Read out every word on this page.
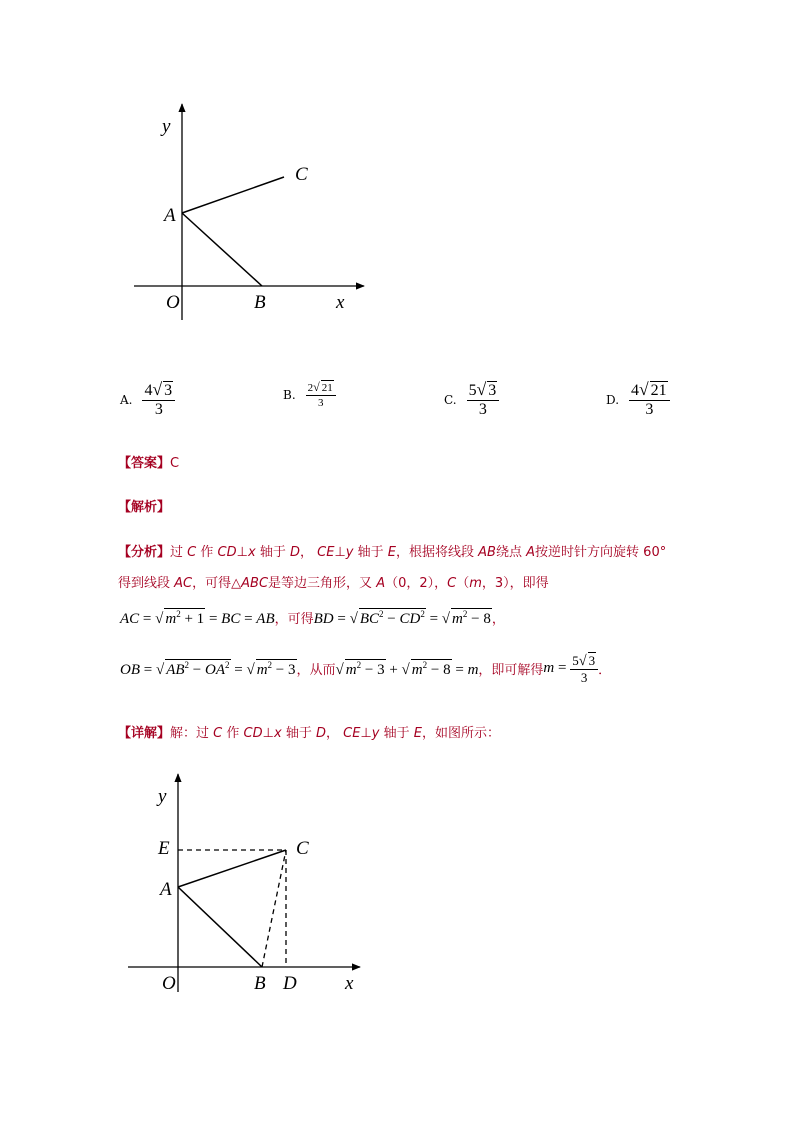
y
C
A
O	B	x
A. $\frac{4√ 3}{3}$	B. $\frac{2√ 21}{3}$	C. $\frac{5√ 3}{3}$	D. $\frac{4√ 21}{3}$
【答案】C
【解析】
【分析】过 C 作 CD⊥x 轴于 D， CE⊥y 轴于 E，根据将线段 AB绕点 A按逆时针方向旋转 60°
得到线段 AC，可得△ABC是等边三角形，又 A（0，2），C（m，3），即得
AC = √ $m^2 + 1$ = BC = AB，可得BD = √ $BC^2 - CD^2$ = √ $m^2 - 8$，
OB = √ $AB^2 - OA^2$ = √ $m^2 - 3$ ，从而 √ $m^2 - 3$ + √ $m^2 - 8 = m$ ，即可解得 $m = \frac{5√ 3}{3}$ ．
【详解】解：过 C 作 CD⊥x 轴于 D， CE⊥y 轴于 E，如图所示：
y
E	C
A
O	B D	x
